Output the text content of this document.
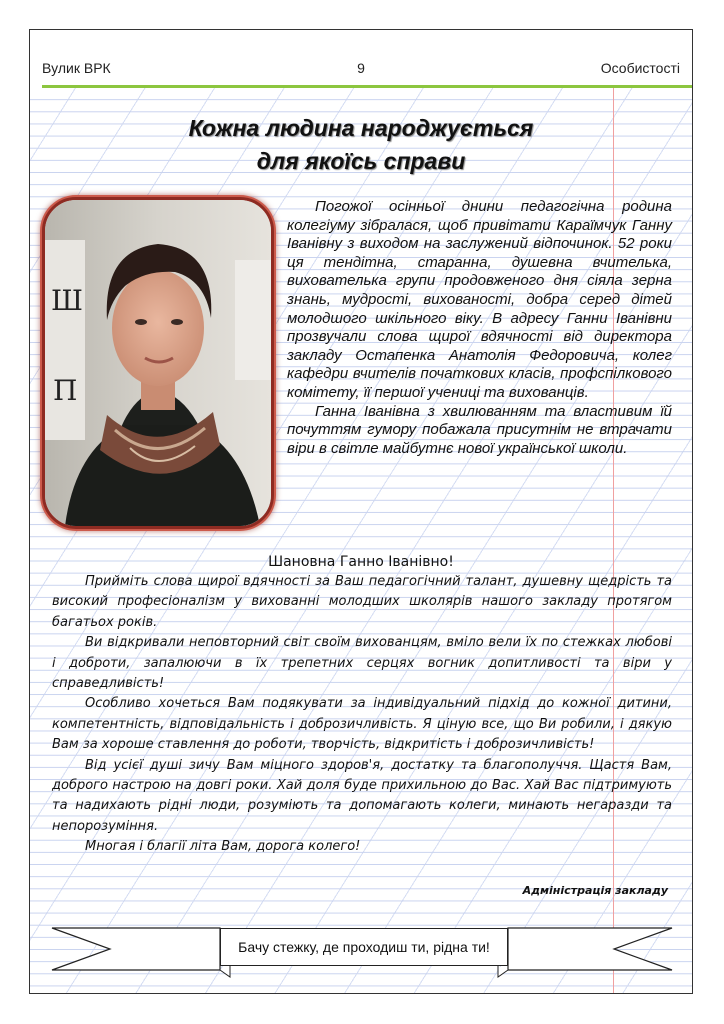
Вулик ВРК	9	Особистості
Кожна людина народжується
для якоїсь справи
Ш
П

Погожої осінньої днини педагогічна родина колегіуму зібралася, щоб привітати Караїмчук Ганну Іванівну з виходом на заслужений відпочинок. 52 роки ця тендітна, старанна, душевна вчителька, вихователька групи продовженого дня сіяла зерна знань, мудрості, вихованості, добра серед дітей молодшого шкільного віку. В адресу Ганни Іванівни прозвучали слова щирої вдячності від директора закладу Остапенка Анатолія Федоровича, колег кафедри вчителів початкових класів, профспілкового комітету, її першої учениці та вихованців.

Ганна Іванівна з хвилюванням та властивим їй почуттям гумору побажала присутнім не втрачати віри в світле майбутнє нової української школи.

Шановна Ганно Іванівно!

Прийміть слова щирої вдячності за Ваш педагогічний талант, душевну щедрість та високий професіоналізм у вихованні молодших школярів нашого закладу протягом багатьох років.

Ви відкривали неповторний світ своїм вихованцям, вміло вели їх по стежках любові і доброти, запалюючи в їх трепетних серцях вогник допитливості та віри у справедливість!

Особливо хочеться Вам подякувати за індивідуальний підхід до кожної дитини, компетентність, відповідальність і доброзичливість. Я ціную все, що Ви робили, і дякую Вам за хороше ставлення до роботи, творчість, відкритість і доброзичливість!

Від усієї душі зичу Вам міцного здоров'я, достатку та благополуччя. Щастя Вам, доброго настрою на довгі роки. Хай доля буде прихильною до Вас. Хай Вас підтримують та надихають рідні люди, розуміють та допомагають колеги, минають негаразди та непорозуміння.

Многая і благії літа Вам, дорога колего!

Адміністрація закладу
Бачу стежку, де проходиш ти, рідна ти!
